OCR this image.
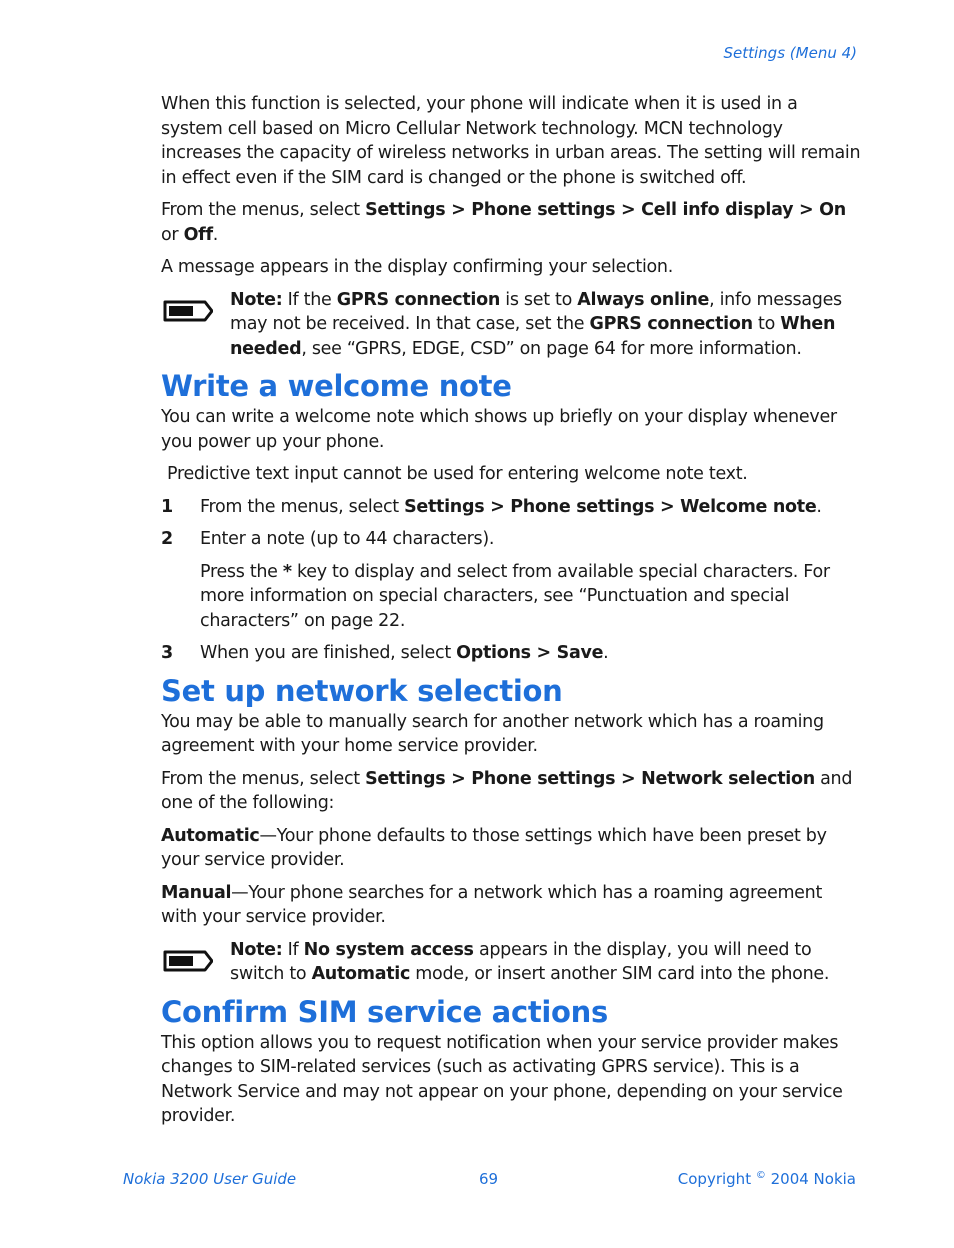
Settings (Menu 4)

When this function is selected, your phone will indicate when it is used in a system cell based on Micro Cellular Network technology. MCN technology increases the capacity of wireless networks in urban areas. The setting will remain in effect even if the SIM card is changed or the phone is switched off.

From the menus, select Settings > Phone settings > Cell info display > On or Off.

A message appears in the display confirming your selection.

Note: If the GPRS connection is set to Always online, info messages may not be received. In that case, set the GPRS connection to When needed, see “GPRS, EDGE, CSD” on page 64 for more information.
Write a welcome note

You can write a welcome note which shows up briefly on your display whenever you power up your phone.

Predictive text input cannot be used for entering welcome note text.

1 From the menus, select Settings > Phone settings > Welcome note.
2 Enter a note (up to 44 characters).

Press the * key to display and select from available special characters. For more information on special characters, see “Punctuation and special characters” on page 22.

3 When you are finished, select Options > Save.
Set up network selection

You may be able to manually search for another network which has a roaming agreement with your home service provider.

From the menus, select Settings > Phone settings > Network selection and one of the following:

Automatic—Your phone defaults to those settings which have been preset by your service provider.

Manual—Your phone searches for a network which has a roaming agreement with your service provider.

Note: If No system access appears in the display, you will need to switch to Automatic mode, or insert another SIM card into the phone.
Confirm SIM service actions

This option allows you to request notification when your service provider makes changes to SIM-related services (such as activating GPRS service). This is a Network Service and may not appear on your phone, depending on your service provider.

Nokia 3200 User Guide	69	Copyright © 2004 Nokia
